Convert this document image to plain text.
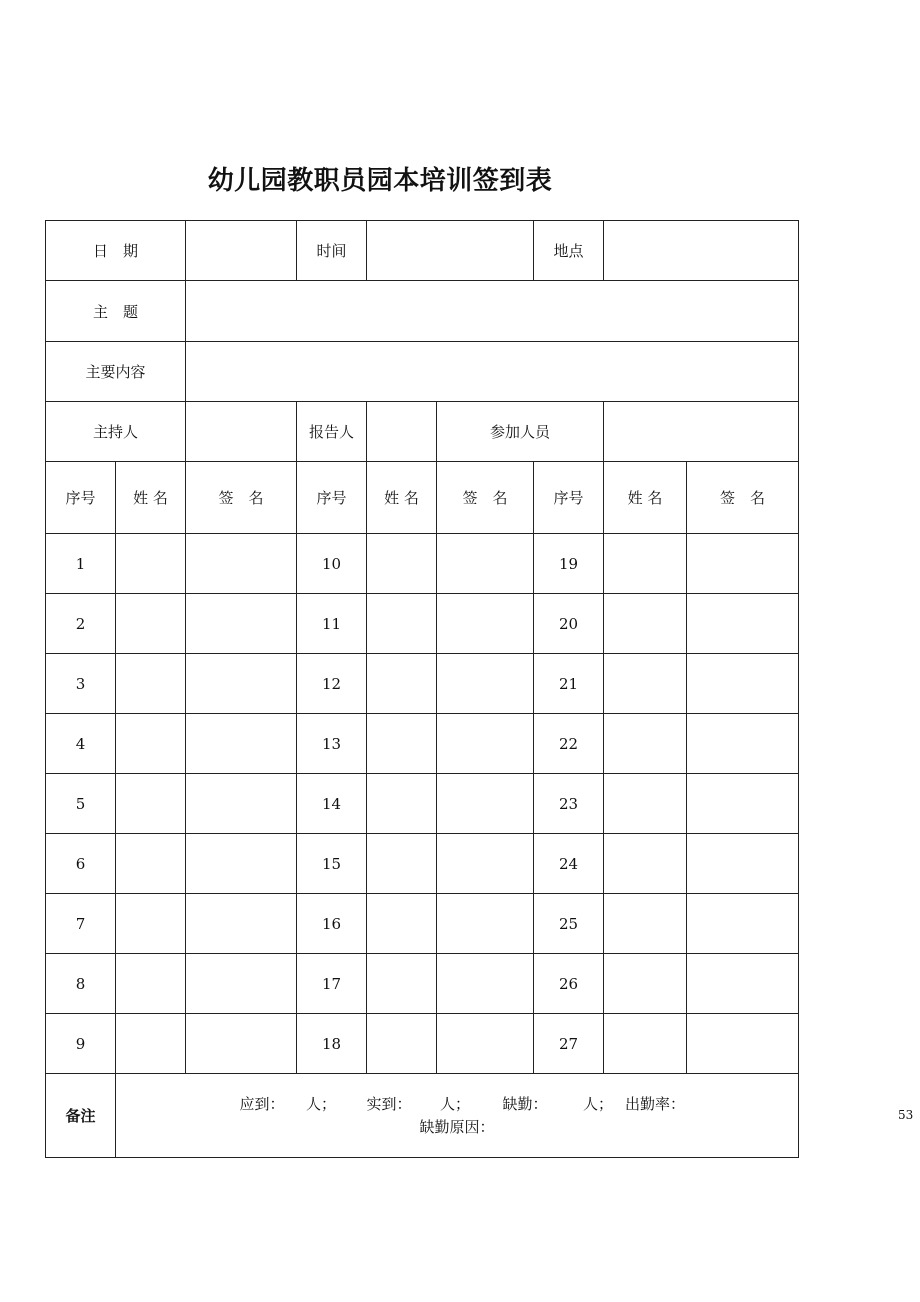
幼儿园教职员园本培训签到表
日　期			时间			地点		
主　题								
主要内容								
主持人			报告人		参加人员			
序号	姓 名	签　名	序号	姓 名	签　名	序号	姓 名	签　名
1			10			19		
2			11			20		
3			12			21		
4			13			22		
5			14			23		
6			15			24		
7			16			25		
8			17			26		
9			18			27		
备注	应到： 人； 实到： 人； 缺勤： 人； 出勤率：
缺勤原因：							
53
